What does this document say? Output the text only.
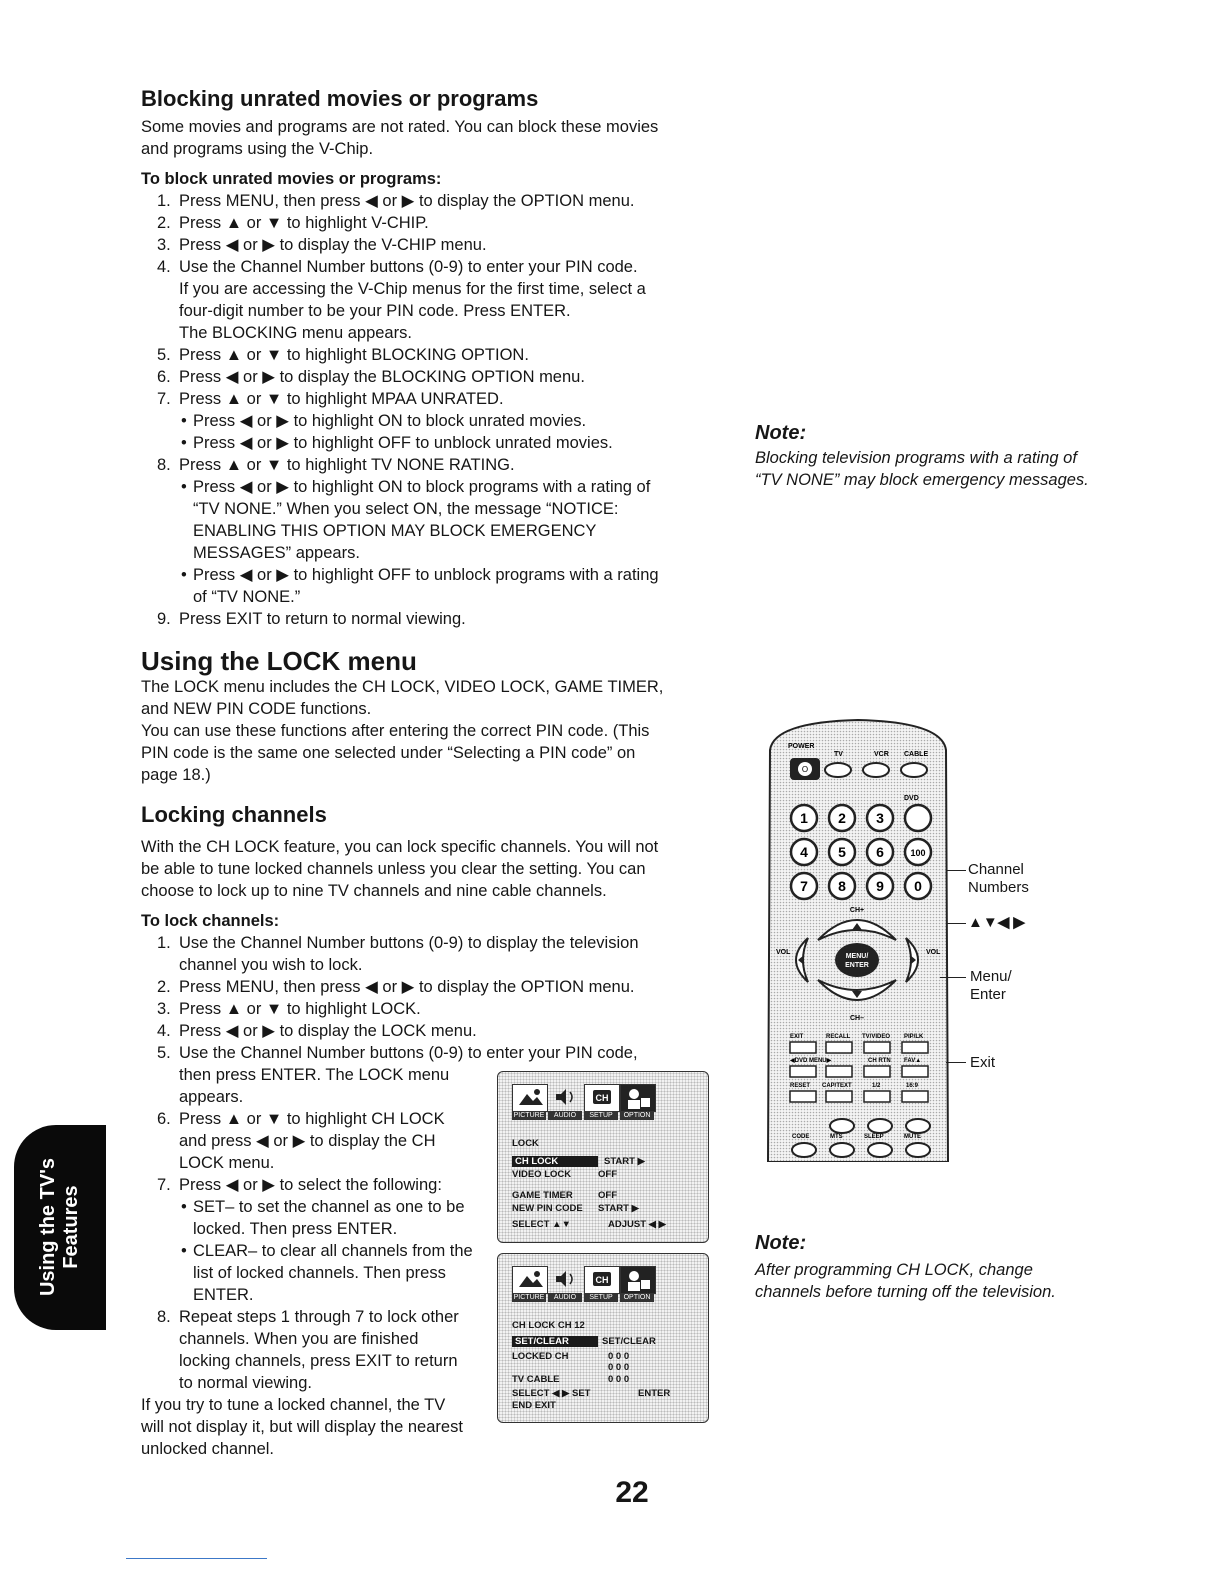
Blocking unrated movies or programs

Some movies and programs are not rated. You can block these movies

and programs using the V-Chip.

To block unrated movies or programs:

1. Press MENU, then press ◀ or ▶ to display the OPTION menu.
2. Press ▲ or ▼ to highlight V-CHIP.
3. Press ◀ or ▶ to display the V-CHIP menu.
4. Use the Channel Number buttons (0-9) to enter your PIN code.
If you are accessing the V-Chip menus for the first time, select a
four-digit number to be your PIN code. Press ENTER.
The BLOCKING menu appears.
5. Press ▲ or ▼ to highlight BLOCKING OPTION.
6. Press ◀ or ▶ to display the BLOCKING OPTION menu.
7. Press ▲ or ▼ to highlight MPAA UNRATED.
• Press ◀ or ▶ to highlight ON to block unrated movies.
• Press ◀ or ▶ to highlight OFF to unblock unrated movies.
8. Press ▲ or ▼ to highlight TV NONE RATING.
• Press ◀ or ▶ to highlight ON to block programs with a rating of
“TV NONE.” When you select ON, the message “NOTICE:
ENABLING THIS OPTION MAY BLOCK EMERGENCY
MESSAGES” appears.
• Press ◀ or ▶ to highlight OFF to unblock programs with a rating
of “TV NONE.”
9. Press EXIT to return to normal viewing.

Note:

Blocking television programs with a rating of

“TV NONE” may block emergency messages.

Using the LOCK menu

The LOCK menu includes the CH LOCK, VIDEO LOCK, GAME TIMER,

and NEW PIN CODE functions.

You can use these functions after entering the correct PIN code. (This

PIN code is the same one selected under “Selecting a PIN code” on

page 18.)

Locking channels

With the CH LOCK feature, you can lock specific channels. You will not

be able to tune locked channels unless you clear the setting. You can

choose to lock up to nine TV channels and nine cable channels.

To lock channels:

1. Use the Channel Number buttons (0-9) to display the television
channel you wish to lock.
2. Press MENU, then press ◀ or ▶ to display the OPTION menu.
3. Press ▲ or ▼ to highlight LOCK.
4. Press ◀ or ▶ to display the LOCK menu.
5. Use the Channel Number buttons (0-9) to enter your PIN code,
then press ENTER. The LOCK menu
appears.
6. Press ▲ or ▼ to highlight CH LOCK
and press ◀ or ▶ to display the CH
LOCK menu.
7. Press ◀ or ▶ to select the following:
• SET– to set the channel as one to be
locked. Then press ENTER.
• CLEAR– to clear all channels from the
list of locked channels. Then press
ENTER.
8. Repeat steps 1 through 7 to lock other
channels. When you are finished
locking channels, press EXIT to return
to normal viewing.

If you try to tune a locked channel, the TV

will not display it, but will display the nearest

unlocked channel.

CH
PICTURE	AUDIO	SETUP	OPTION
LOCK
CH LOCK	START ▶
VIDEO LOCK	OFF
GAME TIMER	OFF
NEW PIN CODE START ▶
SELECT ▲▼	ADJUST ◀ ▶
CH
PICTURE	AUDIO	SETUP	OPTION
CH LOCK CH 12
SET/CLEAR	SET/CLEAR
LOCKED CH	0 0 0
0 0 0
TV CABLE	0 0 0
SELECT ◀ ▶ SET	ENTER
END EXIT
POWER
TV	VCR CABLE
DVD
O
1 2 3
4 5 6	100
7 8 9 0
CH+
MENU/
ENTER
VOL	VOL
CH–
EXIT	RECALL TV/VIDEO PIP/LK
◀DVD MENU▶	CH RTN FAV▲
RESET CAP/TEXT	1/2	16:9
CODE	MTS	SLEEP	MUTE
Channel
Numbers
▲▼◀ ▶
Menu/
Enter
Exit

Note:

After programming CH LOCK, change

channels before turning off the television.

Using the TV's Features
22
